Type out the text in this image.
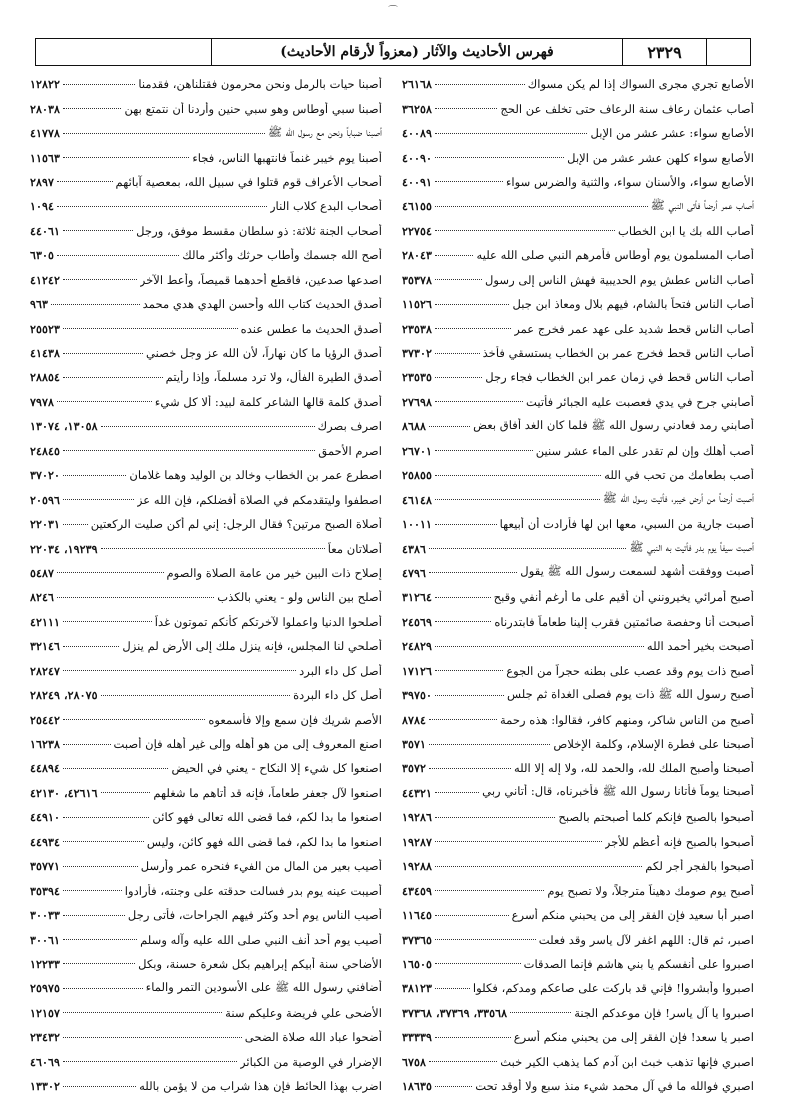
⌒
٢٣٢٩
فهرس الأحاديث والآثار (معزواً لأرقام الأحاديث)
الأصابع تجري مجرى السواك إذا لم يكن مسواك
٢٦١٦٨
أصاب عثمان رعاف سنة الرعاف حتى تخلف عن الحج
٣٦٢٥٨
الأصابع سواء: عشر عشر من الإبل
٤٠٠٨٩
الأصابع سواء كلهن عشر عشر من الإبل
٤٠٠٩٠
الأصابع سواء، والأسنان سواء، والثنية والضرس سواء
٤٠٠٩١
أصاب عمر أرضاً فأتى النبي ﷺ
٤٦١٥٥
أصاب الله بك يا ابن الخطاب
٢٢٧٥٤
أصاب المسلمون يوم أوطاس فأمرهم النبي صلى الله عليه
٢٨٠٤٣
أصاب الناس عطش يوم الحديبية فهش الناس إلى رسول
٣٥٣٧٨
أصاب الناس فتحاً بالشام، فيهم بلال ومعاذ ابن جبل
١١٥٢٦
أصاب الناس قحط شديد على عهد عمر فخرج عمر
٢٣٥٣٨
أصاب الناس قحط فخرج عمر بن الخطاب يستسقي فأخذ
٣٧٣٠٢
أصاب الناس قحط في زمان عمر ابن الخطاب فجاء رجل
٢٣٥٣٥
أصابني جرح في يدي فعصبت عليه الجبائر فأتيت
٢٧٦٩٨
أصابني رمد فعادني رسول الله ﷺ فلما كان الغد أفاق بعض
٨٦٨٨
أصب أهلك وإن لم تقدر على الماء عشر سنين
٢٦٧٠١
أصب بطعامك من تحب في الله
٢٥٨٥٥
أصبت أرضاً من أرض خيبر، فأتيت رسول الله ﷺ
٤٦١٤٨
أصبت جارية من السبي، معها ابن لها فأرادت أن أبيعها
١٠٠١١
أصبت سيفاً يوم بدر فأتيت به النبي ﷺ
٤٣٨٦
أصبت ووفقت أشهد لسمعت رسول الله ﷺ يقول
٤٧٩٦
أصبح أمرائي يخيرونني أن أقيم على ما أرغم أنفي وقبح
٣١٢٦٤
أصبحت أنا وحفصة صائمتين فقرب إلينا طعاماً فابتدرناه
٢٤٥٦٩
أصبحت بخير أحمد الله
٢٤٨٢٩
أصبح ذات يوم وقد عصب على بطنه حجراً من الجوع
١٧١٢٦
أصبح رسول الله ﷺ ذات يوم فصلى الغداة ثم جلس
٣٩٧٥٠
أصبح من الناس شاكر، ومنهم كافر، فقالوا: هذه رحمة
٨٧٨٤
أصبحنا على فطرة الإسلام، وكلمة الإخلاص
٣٥٧١
أصبحنا وأصبح الملك لله، والحمد لله، ولا إله إلا الله
٣٥٧٢
أصبحنا يوماً فأتانا رسول الله ﷺ فأخبرناه، قال: أتاني ربي
٤٤٣٢١
أصبحوا بالصبح فإنكم كلما أصبحتم بالصبح
١٩٢٨٦
أصبحوا بالصبح فإنه أعظم للأجر
١٩٢٨٧
أصبحوا بالفجر أجر لكم
١٩٢٨٨
أصبح يوم صومك دهيناً مترجلاً، ولا تصبح يوم
٤٣٤٥٩
اصبر أبا سعيد فإن الفقر إلى من يحبني منكم أسرع
١١٦٤٥
اصبر، ثم قال: اللهم اغفر لآل ياسر وقد فعلت
٣٧٣٦٥
اصبروا على أنفسكم يا بني هاشم فإنما الصدقات
١٦٥٠٥
اصبروا وأبشروا! فإني قد باركت على صاعكم ومدكم، فكلوا
٣٨١٢٣
اصبروا يا آل ياسر! فإن موعدكم الجنة
٣٣٥٦٨، ٣٧٣٦٩، ٣٧٣٦٨
اصبر يا سعد! فإن الفقر إلى من يحبني منكم أسرع
٣٣٣٣٩
اصبري فإنها تذهب خبث ابن آدم كما يذهب الكير خبث
٦٧٥٨
اصبري فوالله ما في آل محمد شيء منذ سبع ولا أوقد تحت
١٨٦٣٥
أصبنا حيات بالرمل ونحن محرمون فقتلناهن، فقدمنا
١٢٨٢٢
أصبنا سبي أوطاس وهو سبي حنين وأردنا أن نتمتع بهن
٢٨٠٣٨
أصبنا ضباباً ونحن مع رسول الله ﷺ
٤١٧٧٨
أصبنا يوم خيبر غنماً فانتهبها الناس، فجاء
١١٥٦٣
أصحاب الأعراف قوم قتلوا في سبيل الله، بمعصية آبائهم
٢٨٩٧
أصحاب البدع كلاب النار
١٠٩٤
أصحاب الجنة ثلاثة: ذو سلطان مقسط موفق، ورجل
٤٤٠٦١
أصح الله جسمك وأطاب حرثك وأكثر مالك
٦٣٠٥
اصدعها صدعين، فاقطع أحدهما قميصاً، وأعط الآخر
٤١٢٤٢
أصدق الحديث كتاب الله وأحسن الهدي هدي محمد
٩٦٣
أصدق الحديث ما عطس عنده
٢٥٥٢٣
أصدق الرؤيا ما كان نهاراً، لأن الله عز وجل خصني
٤١٤٣٨
أصدق الطيرة الفأل، ولا ترد مسلماً، وإذا رأيتم
٢٨٨٥٤
أصدق كلمة قالها الشاعر كلمة لبيد: ألا كل شيء
٧٩٧٨
اصرف بصرك
١٣٠٥٨، ١٣٠٧٤
اصرم الأحمق
٢٤٨٤٥
اصطرع عمر بن الخطاب وخالد بن الوليد وهما غلامان
٣٧٠٢٠
اصطفوا وليتقدمكم في الصلاة أفضلكم، فإن الله عز
٢٠٥٩٦
أصلاة الصبح مرتين؟ فقال الرجل: إني لم أكن صليت الركعتين
٢٢٠٣١
أصلاتان معاً
١٩٢٣٩، ٢٢٠٣٤
إصلاح ذات البين خير من عامة الصلاة والصوم
٥٤٨٧
أصلح بين الناس ولو - يعني بالكذب
٨٢٤٦
أصلحوا الدنيا واعملوا لآخرتكم كأنكم تموتون غداً
٤٢١١١
أصلحي لنا المجلس، فإنه ينزل ملك إلى الأرض لم ينزل
٣٢١٤٦
أصل كل داء البرد
٢٨٢٤٧
أصل كل داء البردة
٢٨٠٧٥، ٢٨٢٤٩
الأصم شريك فإن سمع وإلا فأسمعوه
٢٥٤٤٢
اصنع المعروف إلى من هو أهله وإلى غير أهله فإن أصبت
١٦٢٣٨
اصنعوا كل شيء إلا النكاح - يعني في الحيض
٤٤٨٩٤
اصنعوا لآل جعفر طعاماً، فإنه قد أتاهم ما شغلهم
٤٢٦١٦، ٤٢١٣٠
اصنعوا ما بدا لكم، فما قضى الله تعالى فهو كائن
٤٤٩١٠
اصنعوا ما بدا لكم، فما قضى الله فهو كائن، وليس
٤٤٩٣٤
أصيب بعير من المال من الفيء فنحره عمر وأرسل
٣٥٧٧١
أصيبت عينه يوم بدر فسالت حدقته على وجنته، فأرادوا
٣٥٣٩٤
أصيب الناس يوم أحد وكثر فيهم الجراحات، فأتى رجل
٣٠٠٣٣
أصيب يوم أحد أنف النبي صلى الله عليه وآله وسلم
٣٠٠٦١
الأضاحي سنة أبيكم إبراهيم بكل شعرة حسنة، وبكل
١٢٢٣٣
أضافني رسول الله ﷺ على الأسودين التمر والماء
٢٥٩٧٥
الأضحى علي فريضة وعليكم سنة
١٢١٥٧
أضحوا عباد الله صلاة الضحى
٢٣٤٣٢
الإضرار في الوصية من الكبائر
٤٦٠٦٩
اضرب بهذا الحائط فإن هذا شراب من لا يؤمن بالله
١٣٣٠٢
